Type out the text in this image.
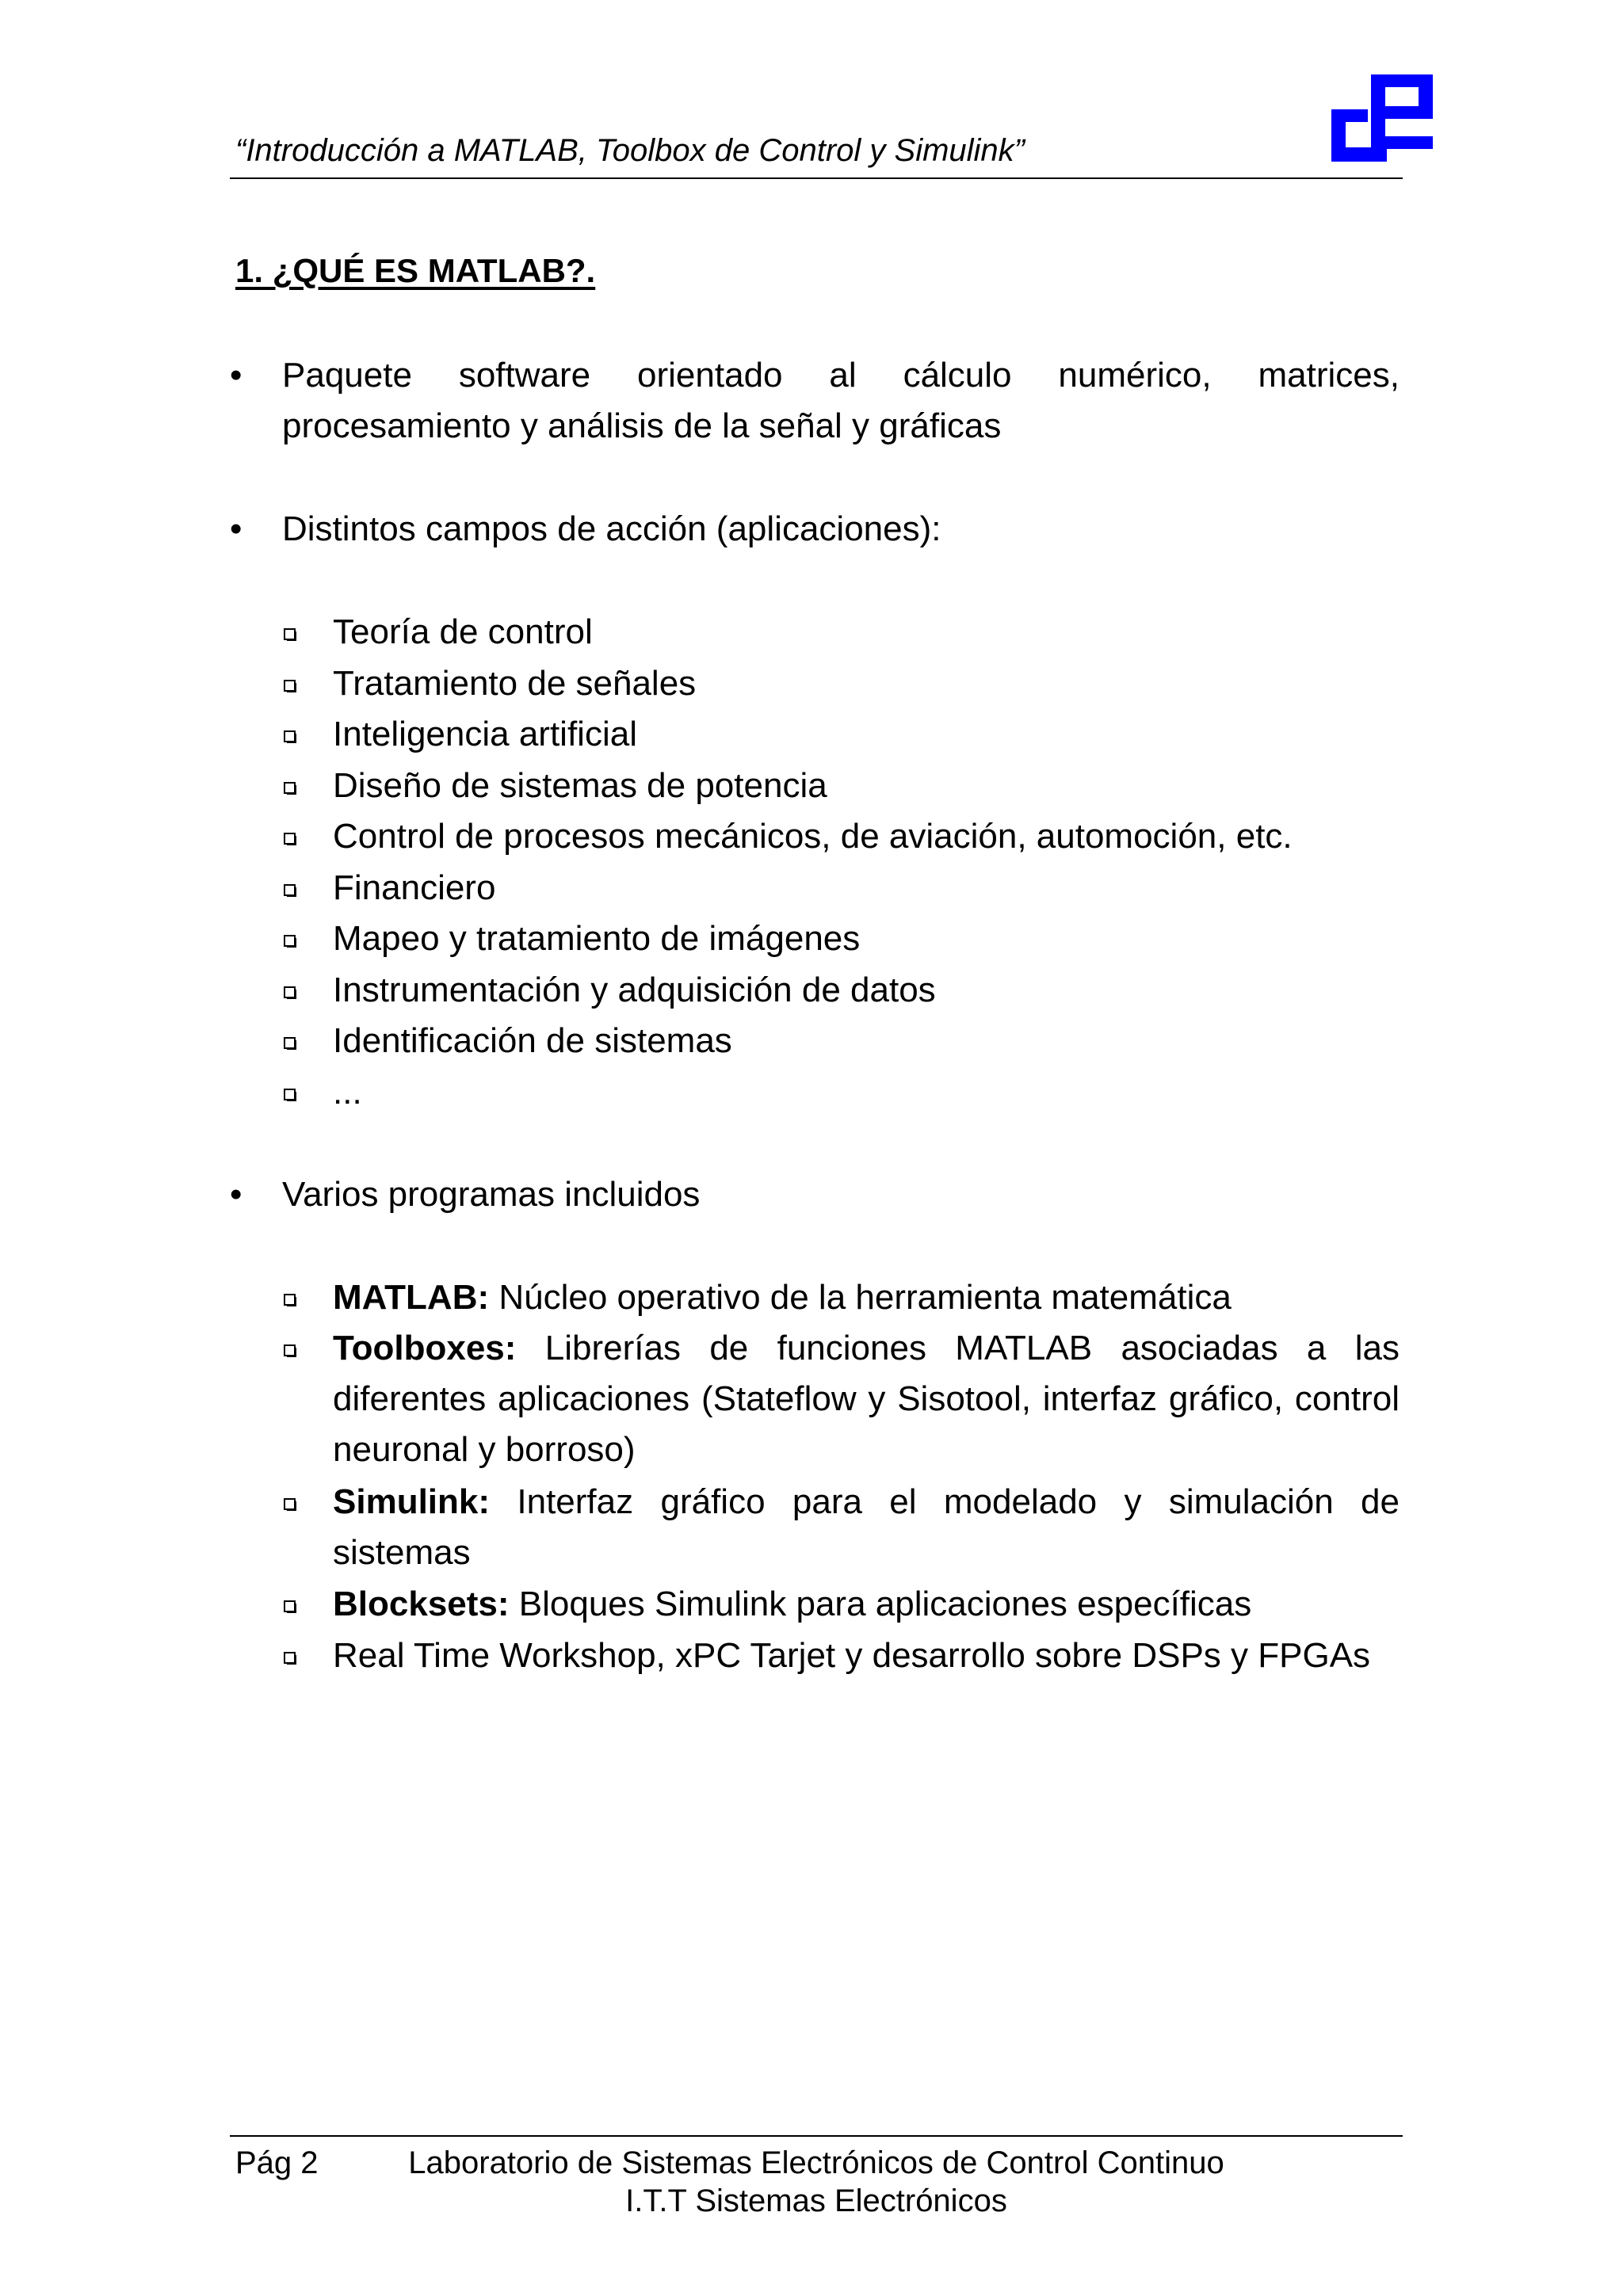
“Introducción a MATLAB, Toolbox de Control y Simulink”
1. ¿QUÉ ES MATLAB?.
• Paquete software orientado al cálculo numérico, matrices, procesamiento y análisis de la señal y gráficas
• Distintos campos de acción (aplicaciones):
Teoría de control
Tratamiento de señales
Inteligencia artificial
Diseño de sistemas de potencia
Control de procesos mecánicos, de aviación, automoción, etc.
Financiero
Mapeo y tratamiento de imágenes
Instrumentación y adquisición de datos
Identificación de sistemas
...
• Varios programas incluidos
MATLAB: Núcleo operativo de la herramienta matemática
Toolboxes: Librerías de funciones MATLAB asociadas a las diferentes aplicaciones (Stateflow y Sisotool, interfaz gráfico, control neuronal y borroso)
Simulink: Interfaz gráfico para el modelado y simulación de sistemas
Blocksets: Bloques Simulink para aplicaciones específicas
Real Time Workshop, xPC Tarjet y desarrollo sobre DSPs y FPGAs
Pág 2	Laboratorio de Sistemas Electrónicos de Control Continuo
I.T.T Sistemas Electrónicos
